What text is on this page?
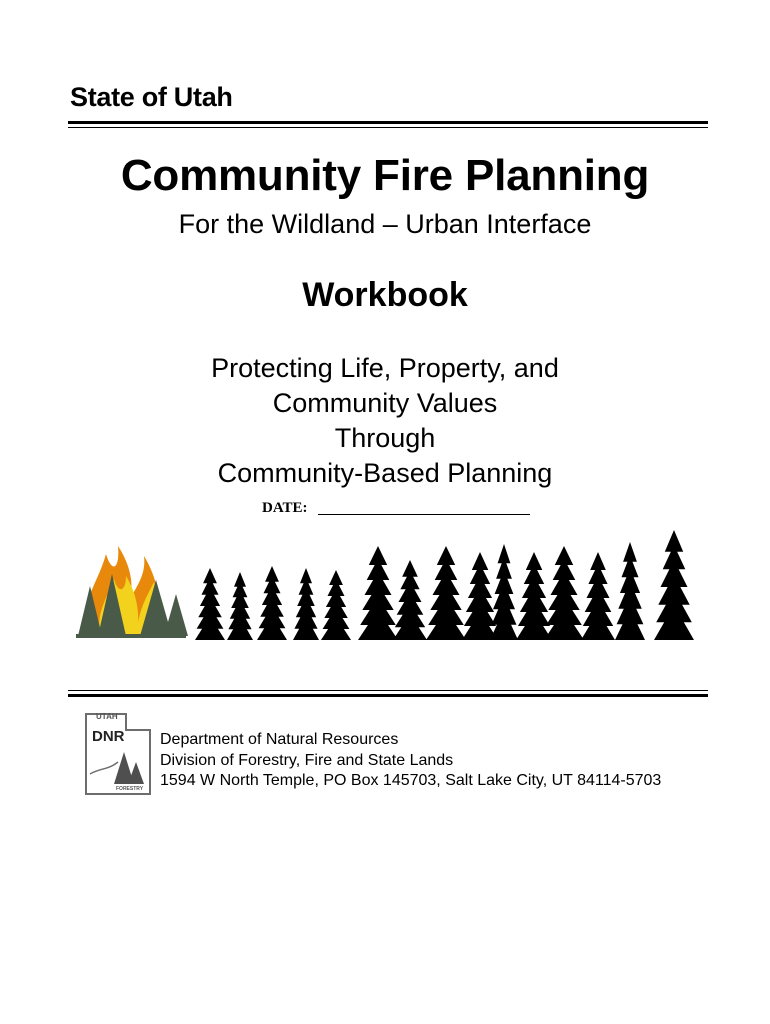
State of Utah
Community Fire Planning
For the Wildland – Urban Interface
Workbook
Protecting Life, Property, and
Community Values
Through
Community-Based Planning
DATE:
UTAH
DNR
FORESTRY
Department of Natural Resources
Division of Forestry, Fire and State Lands
1594 W North Temple, PO Box 145703, Salt Lake City, UT 84114-5703
